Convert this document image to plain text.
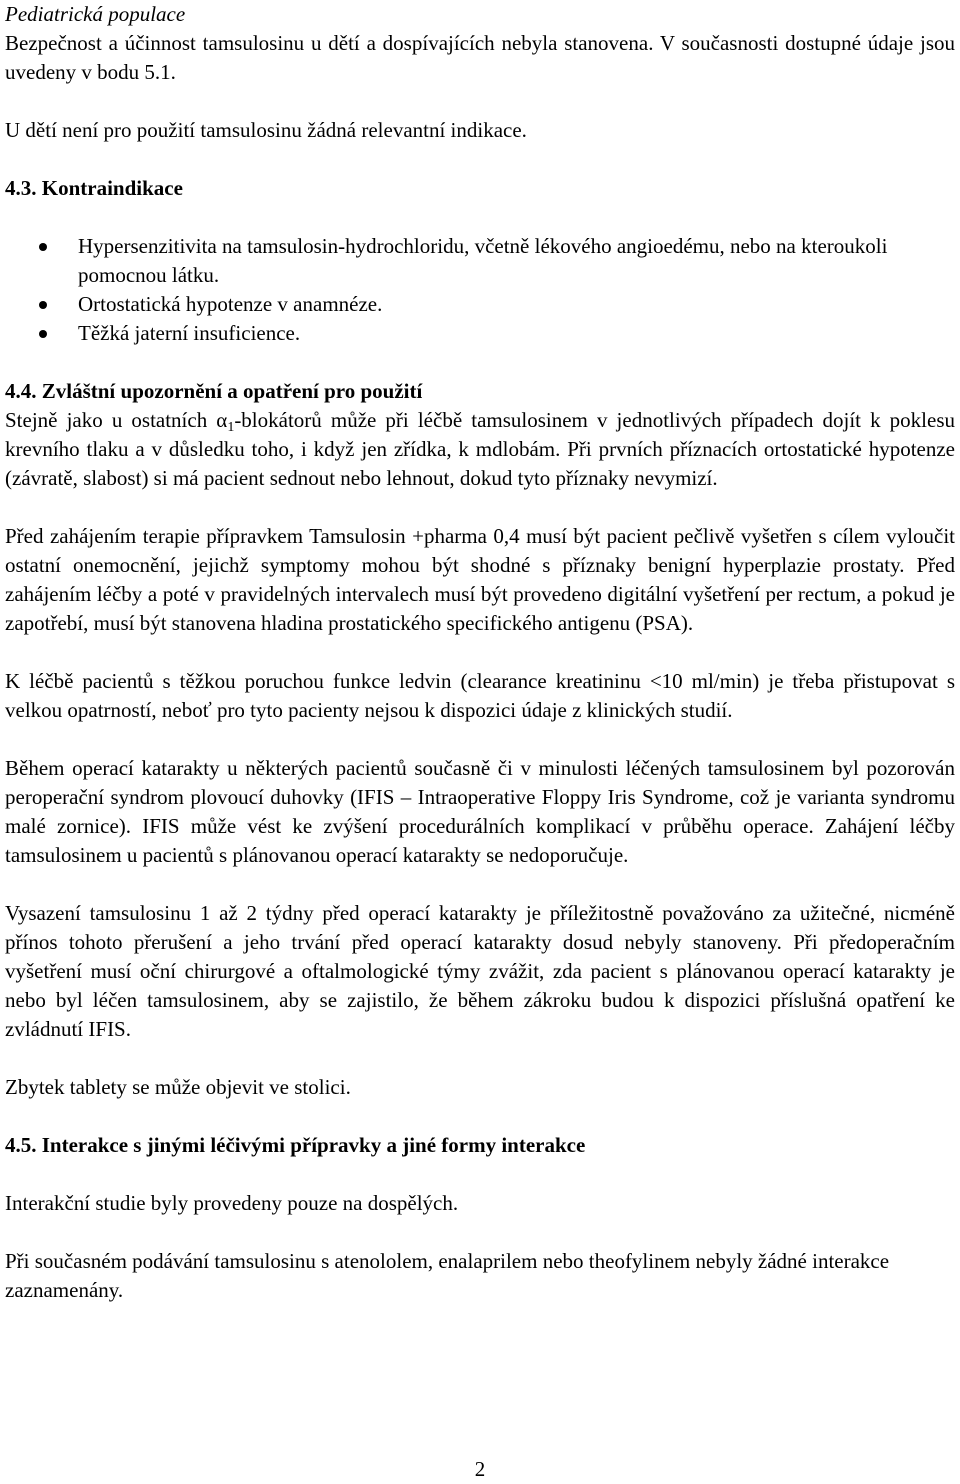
Pediatrická populace

Bezpečnost a účinnost tamsulosinu u dětí a dospívajících nebyla stanovena. V současnosti dostupné údaje jsou uvedeny v bodu 5.1.

U dětí není pro použití tamsulosinu žádná relevantní indikace.

4.3. Kontraindikace

Hypersenzitivita na tamsulosin-hydrochloridu, včetně lékového angioedému, nebo na kteroukoli pomocnou látku.
Ortostatická hypotenze v anamnéze.
Těžká jaterní insuficience.

4.4. Zvláštní upozornění a opatření pro použití

Stejně jako u ostatních $\alpha_1$-blokátorů může při léčbě tamsulosinem v jednotlivých případech dojít k poklesu krevního tlaku a v důsledku toho, i když jen zřídka, k mdlobám. Při prvních příznacích ortostatické hypotenze (závratě, slabost) si má pacient sednout nebo lehnout, dokud tyto příznaky nevymizí.

Před zahájením terapie přípravkem Tamsulosin +pharma 0,4 musí být pacient pečlivě vyšetřen s cílem vyloučit ostatní onemocnění, jejichž symptomy mohou být shodné s příznaky benigní hyperplazie prostaty. Před zahájením léčby a poté v pravidelných intervalech musí být provedeno digitální vyšetření per rectum, a pokud je zapotřebí, musí být stanovena hladina prostatického specifického antigenu (PSA).

K léčbě pacientů s těžkou poruchou funkce ledvin (clearance kreatininu <10 ml/min) je třeba přistupovat s velkou opatrností, neboť pro tyto pacienty nejsou k dispozici údaje z klinických studií.

Během operací katarakty u některých pacientů současně či v minulosti léčených tamsulosinem byl pozorován peroperační syndrom plovoucí duhovky (IFIS – Intraoperative Floppy Iris Syndrome, což je varianta syndromu malé zornice). IFIS může vést ke zvýšení procedurálních komplikací v průběhu operace. Zahájení léčby tamsulosinem u pacientů s plánovanou operací katarakty se nedoporučuje.

Vysazení tamsulosinu 1 až 2 týdny před operací katarakty je příležitostně považováno za užitečné, nicméně přínos tohoto přerušení a jeho trvání před operací katarakty dosud nebyly stanoveny. Při předoperačním vyšetření musí oční chirurgové a oftalmologické týmy zvážit, zda pacient s plánovanou operací katarakty je nebo byl léčen tamsulosinem, aby se zajistilo, že během zákroku budou k dispozici příslušná opatření ke zvládnutí IFIS.

Zbytek tablety se může objevit ve stolici.

4.5. Interakce s jinými léčivými přípravky a jiné formy interakce

Interakční studie byly provedeny pouze na dospělých.

Při současném podávání tamsulosinu s atenololem, enalaprilem nebo theofylinem nebyly žádné interakce zaznamenány.

2
